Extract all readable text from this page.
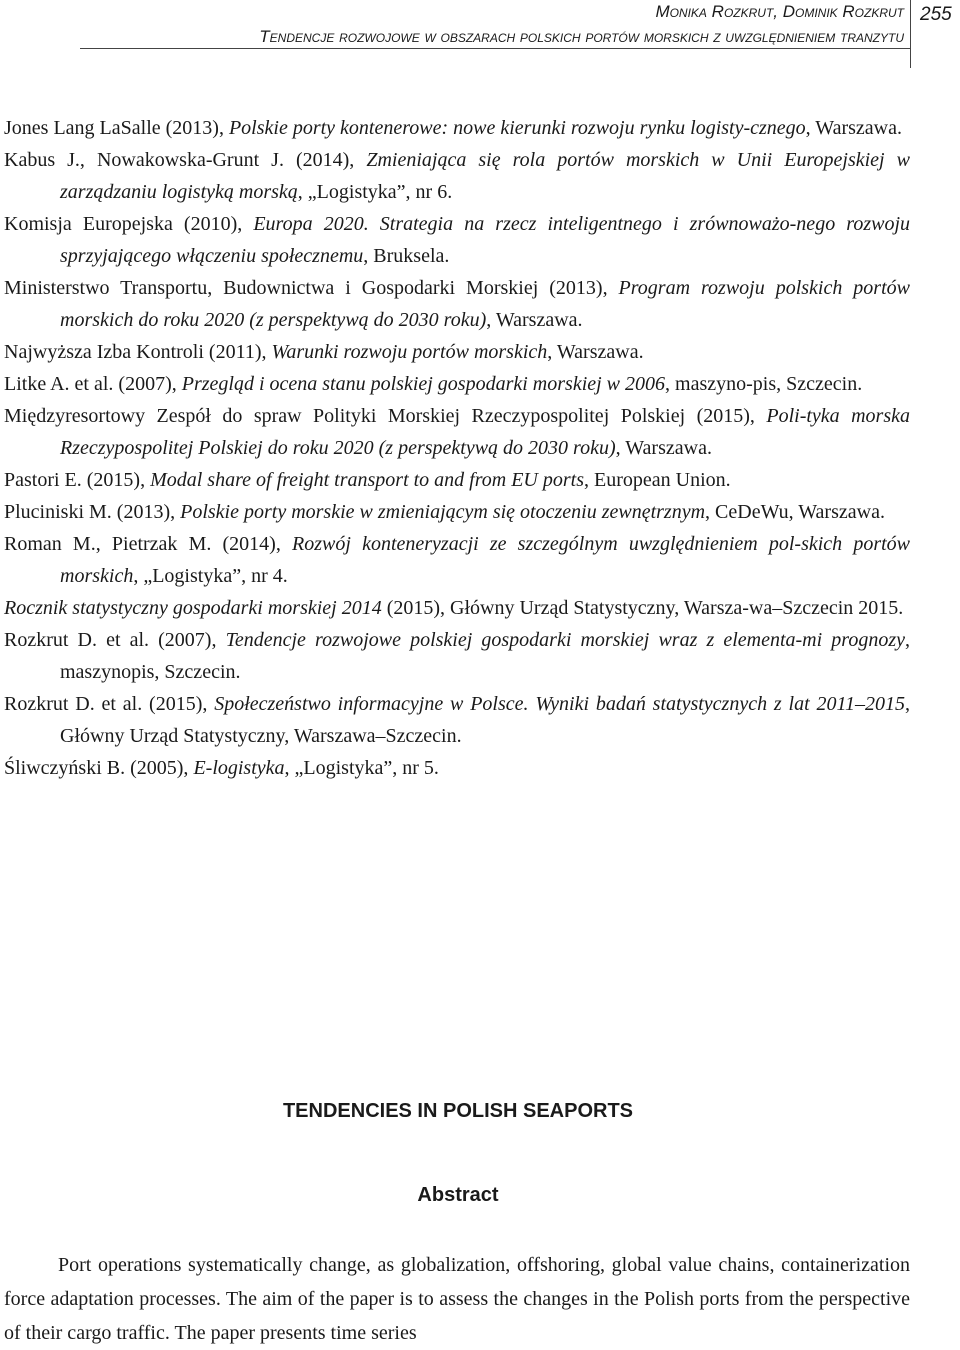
Monika Rozkrut, Dominik Rozkrut
Tendencje rozwojowe w obszarach polskich portów morskich z uwzględnieniem tranzytu
255

Jones Lang LaSalle (2013), Polskie porty kontenerowe: nowe kierunki rozwoju rynku logisty-cznego, Warszawa.

Kabus J., Nowakowska-Grunt J. (2014), Zmieniająca się rola portów morskich w Unii Europejskiej w zarządzaniu logistyką morską, „Logistyka”, nr 6.

Komisja Europejska (2010), Europa 2020. Strategia na rzecz inteligentnego i zrównoważo-nego rozwoju sprzyjającego włączeniu społecznemu, Bruksela.

Ministerstwo Transportu, Budownictwa i Gospodarki Morskiej (2013), Program rozwoju polskich portów morskich do roku 2020 (z perspektywą do 2030 roku), Warszawa.

Najwyższa Izba Kontroli (2011), Warunki rozwoju portów morskich, Warszawa.

Litke A. et al. (2007), Przegląd i ocena stanu polskiej gospodarki morskiej w 2006, maszyno-pis, Szczecin.

Międzyresortowy Zespół do spraw Polityki Morskiej Rzeczypospolitej Polskiej (2015), Poli-tyka morska Rzeczypospolitej Polskiej do roku 2020 (z perspektywą do 2030 roku), Warszawa.

Pastori E. (2015), Modal share of freight transport to and from EU ports, European Union.

Pluciniski M. (2013), Polskie porty morskie w zmieniającym się otoczeniu zewnętrznym, CeDeWu, Warszawa.

Roman M., Pietrzak M. (2014), Rozwój konteneryzacji ze szczególnym uwzględnieniem pol-skich portów morskich, „Logistyka”, nr 4.

Rocznik statystyczny gospodarki morskiej 2014 (2015), Główny Urząd Statystyczny, Warsza-wa–Szczecin 2015.

Rozkrut D. et al. (2007), Tendencje rozwojowe polskiej gospodarki morskiej wraz z elementa-mi prognozy, maszynopis, Szczecin.

Rozkrut D. et al. (2015), Społeczeństwo informacyjne w Polsce. Wyniki badań statystycznych z lat 2011–2015, Główny Urząd Statystyczny, Warszawa–Szczecin.

Śliwczyński B. (2005), E-logistyka, „Logistyka”, nr 5.

TENDENCIES IN POLISH SEAPORTS
Abstract

Port operations systematically change, as globalization, offshoring, global value chains, containerization force adaptation processes. The aim of the paper is to assess the changes in the Polish ports from the perspective of their cargo traffic. The paper presents time series
